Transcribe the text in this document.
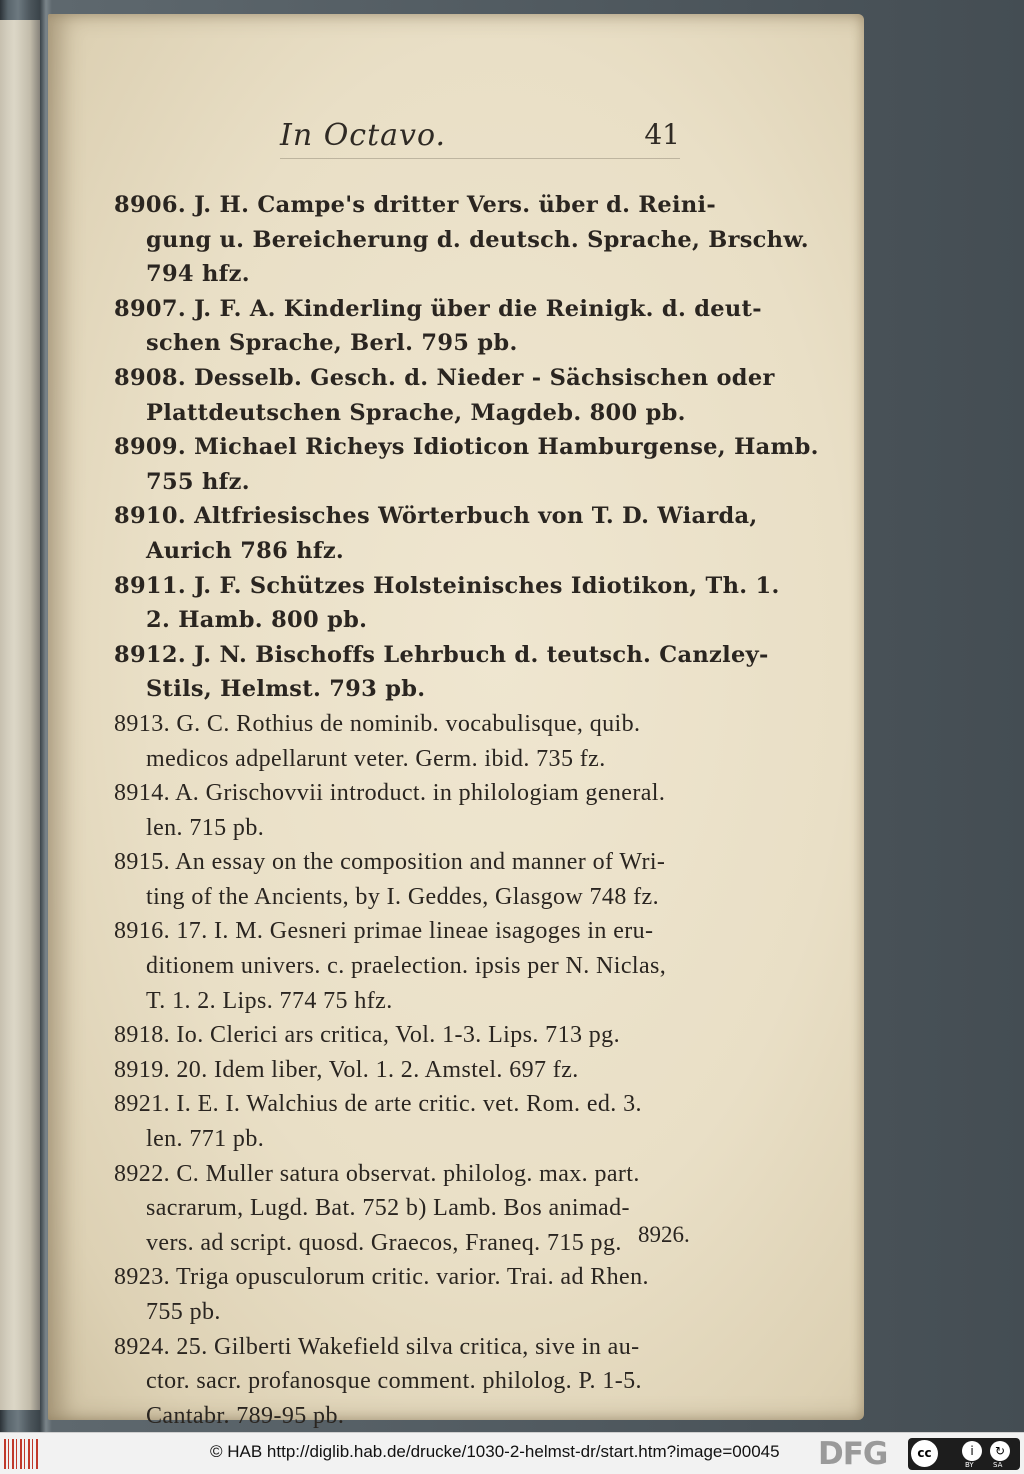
In Octavo.	41
8906. J. H. Campe's dritter Vers. über d. Reini-
gung u. Bereicherung d. deutsch. Sprache, Brschw.
794 hfz.
8907. J. F. A. Kinderling über die Reinigk. d. deut-
schen Sprache, Berl. 795 pb.
8908. Desselb. Gesch. d. Nieder - Sächsischen oder
Plattdeutschen Sprache, Magdeb. 800 pb.
8909. Michael Richeys Idioticon Hamburgense, Hamb.
755 hfz.
8910. Altfriesisches Wörterbuch von T. D. Wiarda,
Aurich 786 hfz.
8911. J. F. Schützes Holsteinisches Idiotikon, Th. 1.
2. Hamb. 800 pb.
8912. J. N. Bischoffs Lehrbuch d. teutsch. Canzley-
Stils, Helmst. 793 pb.
8913. G. C. Rothius de nominib. vocabulisque, quib.
medicos adpellarunt veter. Germ. ibid. 735 fz.
8914. A. Grischovvii introduct. in philologiam general.
len. 715 pb.
8915. An essay on the composition and manner of Wri-
ting of the Ancients, by I. Geddes, Glasgow 748 fz.
8916. 17. I. M. Gesneri primae lineae isagoges in eru-
ditionem univers. c. praelection. ipsis per N. Niclas,
T. 1. 2. Lips. 774 75 hfz.
8918. Io. Clerici ars critica, Vol. 1-3. Lips. 713 pg.
8919. 20. Idem liber, Vol. 1. 2. Amstel. 697 fz.
8921. I. E. I. Walchius de arte critic. vet. Rom. ed. 3.
len. 771 pb.
8922. C. Muller satura observat. philolog. max. part.
sacrarum, Lugd. Bat. 752 b) Lamb. Bos animad-
vers. ad script. quosd. Graecos, Franeq. 715 pg.
8923. Triga opusculorum critic. varior. Trai. ad Rhen.
755 pb.
8924. 25. Gilberti Wakefield silva critica, sive in au-
ctor. sacr. profanosque comment. philolog. P. 1-5.
Cantabr. 789-95 pb.
8926.
© HAB http://diglib.hab.de/drucke/1030-2-helmst-dr/start.htm?image=00045 DFG	cc	i	↻
BY	SA
